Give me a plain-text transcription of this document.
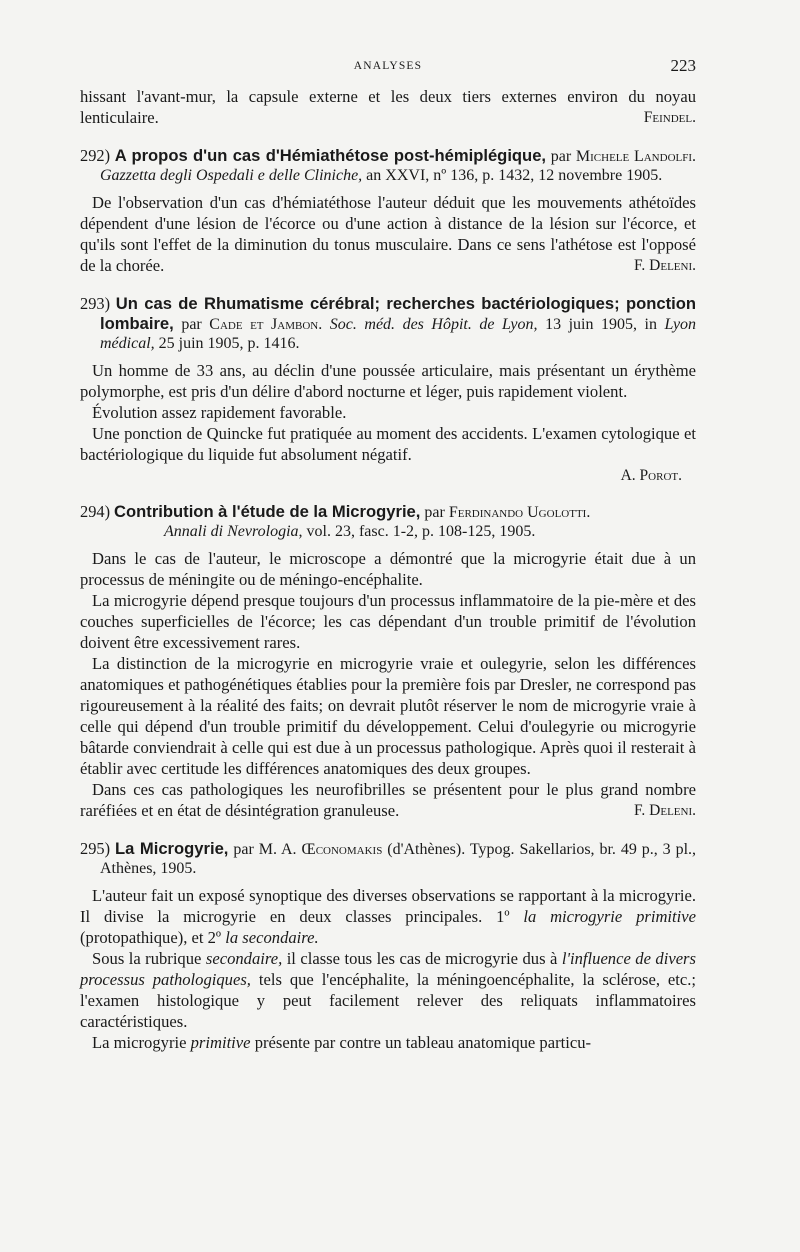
ANALYSES	223

hissant l'avant-mur, la capsule externe et les deux tiers externes environ du noyau lenticulaire.	Feindel.

292) A propos d'un cas d'Hémiathétose post-hémiplégique, par Michele Landolfi. Gazzetta degli Ospedali e delle Cliniche, an XXVI, nº 136, p. 1432, 12 novembre 1905.

De l'observation d'un cas d'hémiatéthose l'auteur déduit que les mouvements athétoïdes dépendent d'une lésion de l'écorce ou d'une action à distance de la lésion sur l'écorce, et qu'ils sont l'effet de la diminution du tonus musculaire. Dans ce sens l'athétose est l'opposé de la chorée.	F. Deleni.

293) Un cas de Rhumatisme cérébral; recherches bactériologiques; ponction lombaire, par Cade et Jambon. Soc. méd. des Hôpit. de Lyon, 13 juin 1905, in Lyon médical, 25 juin 1905, p. 1416.

Un homme de 33 ans, au déclin d'une poussée articulaire, mais présentant un érythème polymorphe, est pris d'un délire d'abord nocturne et léger, puis rapidement violent.

Évolution assez rapidement favorable.

Une ponction de Quincke fut pratiquée au moment des accidents. L'examen cytologique et bactériologique du liquide fut absolument négatif.

A. Porot.

294) Contribution à l'étude de la Microgyrie, par Ferdinando Ugolotti.
Annali di Nevrologia, vol. 23, fasc. 1-2, p. 108-125, 1905.

Dans le cas de l'auteur, le microscope a démontré que la microgyrie était due à un processus de méningite ou de méningo-encéphalite.

La microgyrie dépend presque toujours d'un processus inflammatoire de la pie-mère et des couches superficielles de l'écorce; les cas dépendant d'un trouble primitif de l'évolution doivent être excessivement rares.

La distinction de la microgyrie en microgyrie vraie et oulegyrie, selon les différences anatomiques et pathogénétiques établies pour la première fois par Dresler, ne correspond pas rigoureusement à la réalité des faits; on devrait plutôt réserver le nom de microgyrie vraie à celle qui dépend d'un trouble primitif du développement. Celui d'oulegyrie ou microgyrie bâtarde conviendrait à celle qui est due à un processus pathologique. Après quoi il resterait à établir avec certitude les différences anatomiques des deux groupes.

Dans ces cas pathologiques les neurofibrilles se présentent pour le plus grand nombre raréfiées et en état de désintégration granuleuse.	F. Deleni.

295) La Microgyrie, par M. A. Œconomakis (d'Athènes). Typog. Sakellarios, br. 49 p., 3 pl., Athènes, 1905.

L'auteur fait un exposé synoptique des diverses observations se rapportant à la microgyrie. Il divise la microgyrie en deux classes principales. 1º la microgyrie primitive (protopathique), et 2º la secondaire.

Sous la rubrique secondaire, il classe tous les cas de microgyrie dus à l'influence de divers processus pathologiques, tels que l'encéphalite, la méningoencéphalite, la sclérose, etc.; l'examen histologique y peut facilement relever des reliquats inflammatoires caractéristiques.

La microgyrie primitive présente par contre un tableau anatomique particu-
